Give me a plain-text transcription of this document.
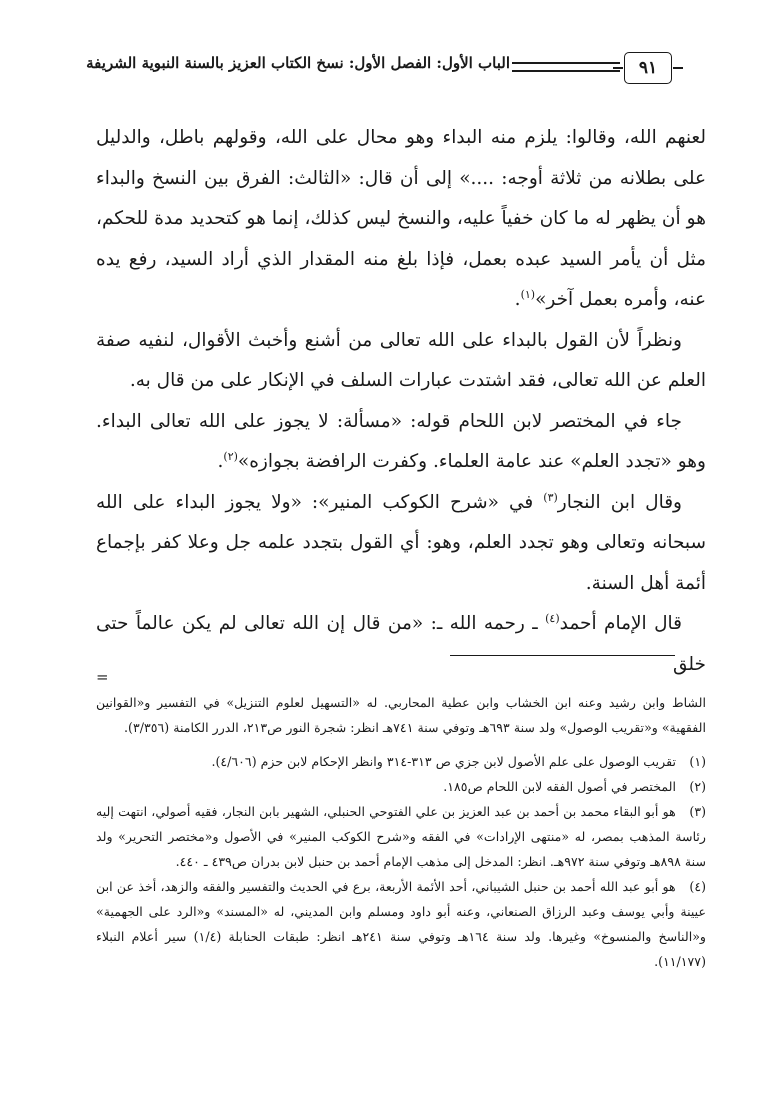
الباب الأول: الفصل الأول: نسخ الكتاب العزيز بالسنة النبوية الشريفة	٩١

لعنهم الله، وقالوا: يلزم منه البداء وهو محال على الله، وقولهم باطل، والدليل على بطلانه من ثلاثة أوجه: ....» إلى أن قال: «الثالث: الفرق بين النسخ والبداء هو أن يظهر له ما كان خفياً عليه، والنسخ ليس كذلك، إنما هو كتحديد مدة للحكم، مثل أن يأمر السيد عبده بعمل، فإذا بلغ منه المقدار الذي أراد السيد، رفع يده عنه، وأمره بعمل آخر»$^{(١)}$.

ونظراً لأن القول بالبداء على الله تعالى من أشنع وأخبث الأقوال، لنفيه صفة العلم عن الله تعالى، فقد اشتدت عبارات السلف في الإنكار على من قال به.

جاء في المختصر لابن اللحام قوله: «مسألة: لا يجوز على الله تعالى البداء. وهو «تجدد العلم» عند عامة العلماء. وكفرت الرافضة بجوازه»$^{(٢)}$.

وقال ابن النجار$^{(٣)}$ في «شرح الكوكب المنير»: «ولا يجوز البداء على الله سبحانه وتعالى وهو تجدد العلم، وهو: أي القول بتجدد علمه جل وعلا كفر بإجماع أئمة أهل السنة.

قال الإمام أحمد$^{(٤)}$ ـ رحمه الله ـ: «من قال إن الله تعالى لم يكن عالماً حتى خلق

=

الشاط وابن رشيد وعنه ابن الخشاب وابن عطية المحاربي. له «التسهيل لعلوم التنزيل» في التفسير و«القوانين الفقهية» و«تقريب الوصول» ولد سنة ٦٩٣هـ وتوفي سنة ٧٤١هـ انظر: شجرة النور ص٢١٣، الدرر الكامنة (٣/٣٥٦).

(١) تقريب الوصول على علم الأصول لابن جزي ص ٣١٣-٣١٤ وانظر الإحكام لابن حزم (٤/٦٠٦).

(٢) المختصر في أصول الفقه لابن اللحام ص١٨٥.

(٣) هو أبو البقاء محمد بن أحمد بن عبد العزيز بن علي الفتوحي الحنبلي، الشهير بابن النجار، فقيه أصولي، انتهت إليه رئاسة المذهب بمصر، له «منتهى الإرادات» في الفقه و«شرح الكوكب المنير» في الأصول و«مختصر التحرير» ولد سنة ٨٩٨هـ وتوفي سنة ٩٧٢هـ. انظر: المدخل إلى مذهب الإمام أحمد بن حنبل لابن بدران ص٤٣٩ ـ ٤٤٠.

(٤) هو أبو عبد الله أحمد بن حنبل الشيباني، أحد الأئمة الأربعة، برع في الحديث والتفسير والفقه والزهد، أخذ عن ابن عيينة وأبي يوسف وعبد الرزاق الصنعاني، وعنه أبو داود ومسلم وابن المديني، له «المسند» و«الرد على الجهمية» و«الناسخ والمنسوخ» وغيرها. ولد سنة ١٦٤هـ وتوفي سنة ٢٤١هـ انظر: طبقات الحنابلة (١/٤) سير أعلام النبلاء (١١/١٧٧).
